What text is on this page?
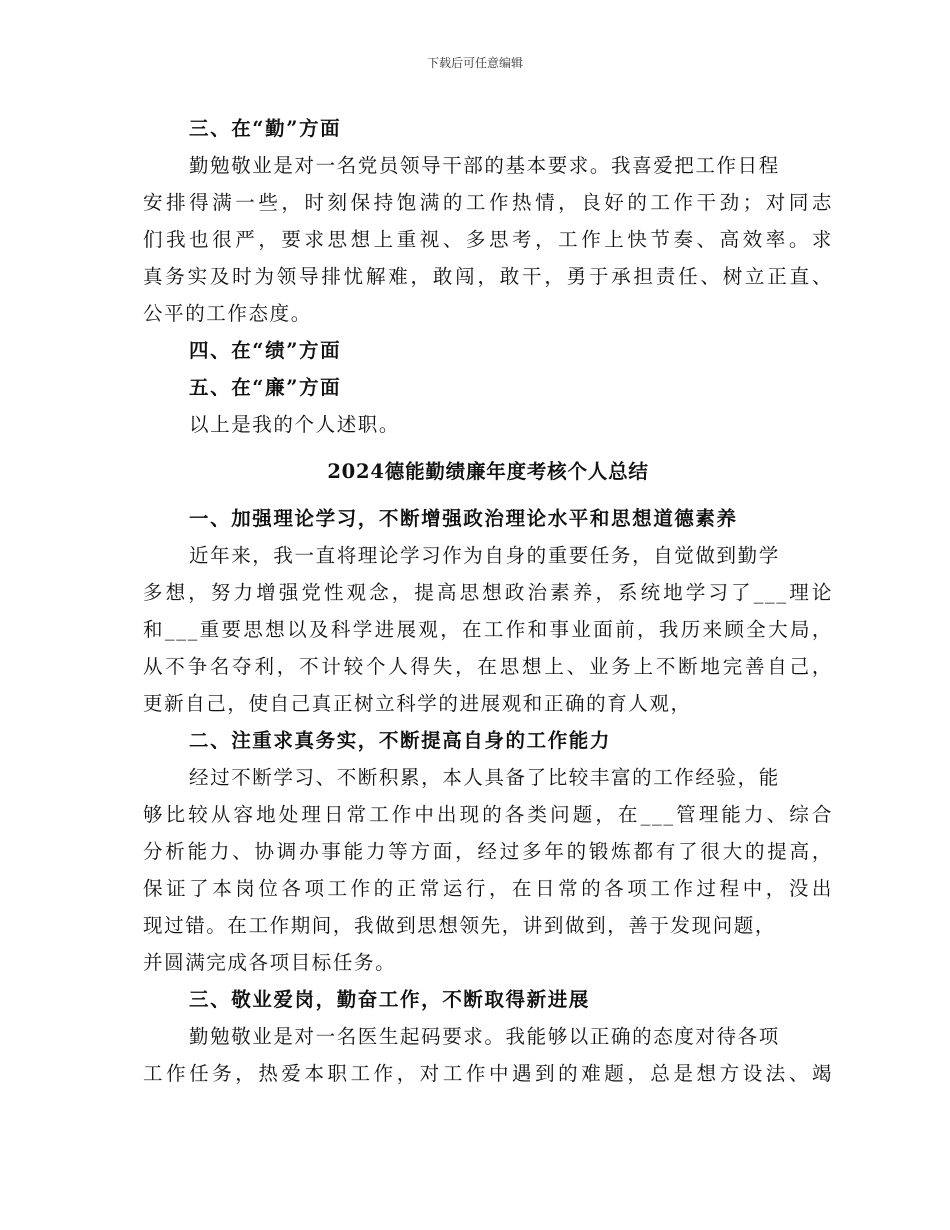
下载后可任意编辑
三、在“勤”方面
勤勉敬业是对一名党员领导干部的基本要求。我喜爱把工作日程
安排得满一些，时刻保持饱满的工作热情，良好的工作干劲；对同志
们我也很严，要求思想上重视、多思考，工作上快节奏、高效率。求
真务实及时为领导排忧解难，敢闯，敢干，勇于承担责任、树立正直、
公平的工作态度。
四、在“绩”方面
五、在“廉”方面
以上是我的个人述职。
2024德能勤绩廉年度考核个人总结
一、加强理论学习，不断增强政治理论水平和思想道德素养
近年来，我一直将理论学习作为自身的重要任务，自觉做到勤学
多想，努力增强党性观念，提高思想政治素养，系统地学习了___理论
和___重要思想以及科学进展观，在工作和事业面前，我历来顾全大局，
从不争名夺利，不计较个人得失，在思想上、业务上不断地完善自己，
更新自己，使自己真正树立科学的进展观和正确的育人观，
二、注重求真务实，不断提高自身的工作能力
经过不断学习、不断积累，本人具备了比较丰富的工作经验，能
够比较从容地处理日常工作中出现的各类问题，在___管理能力、综合
分析能力、协调办事能力等方面，经过多年的锻炼都有了很大的提高，
保证了本岗位各项工作的正常运行，在日常的各项工作过程中，没出
现过错。在工作期间，我做到思想领先，讲到做到，善于发现问题，
并圆满完成各项目标任务。
三、敬业爱岗，勤奋工作，不断取得新进展
勤勉敬业是对一名医生起码要求。我能够以正确的态度对待各项
工作任务，热爱本职工作，对工作中遇到的难题，总是想方设法、竭
